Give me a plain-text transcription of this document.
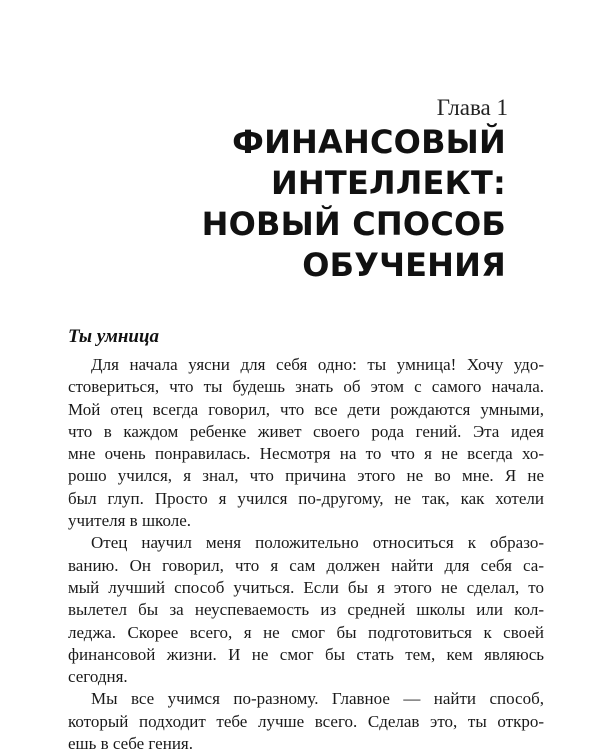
Глава 1
ФИНАНСОВЫЙ
ИНТЕЛЛЕКТ:
НОВЫЙ СПОСОБ
ОБУЧЕНИЯ
Ты умница

Для начала уясни для себя одно: ты умница! Хочу удо-
стовериться, что ты будешь знать об этом с самого начала.
Мой отец всегда говорил, что все дети рождаются умными,
что в каждом ребенке живет своего рода гений. Эта идея
мне очень понравилась. Несмотря на то что я не всегда хо-
рошо учился, я знал, что причина этого не во мне. Я не
был глуп. Просто я учился по-другому, не так, как хотели
учителя в школе.

Отец научил меня положительно относиться к образо-
ванию. Он говорил, что я сам должен найти для себя са-
мый лучший способ учиться. Если бы я этого не сделал, то
вылетел бы за неуспеваемость из средней школы или кол-
леджа. Скорее всего, я не смог бы подготовиться к своей
финансовой жизни. И не смог бы стать тем, кем являюсь
сегодня.

Мы все учимся по-разному. Главное — найти способ,
который подходит тебе лучше всего. Сделав это, ты откро-
ешь в себе гения.
